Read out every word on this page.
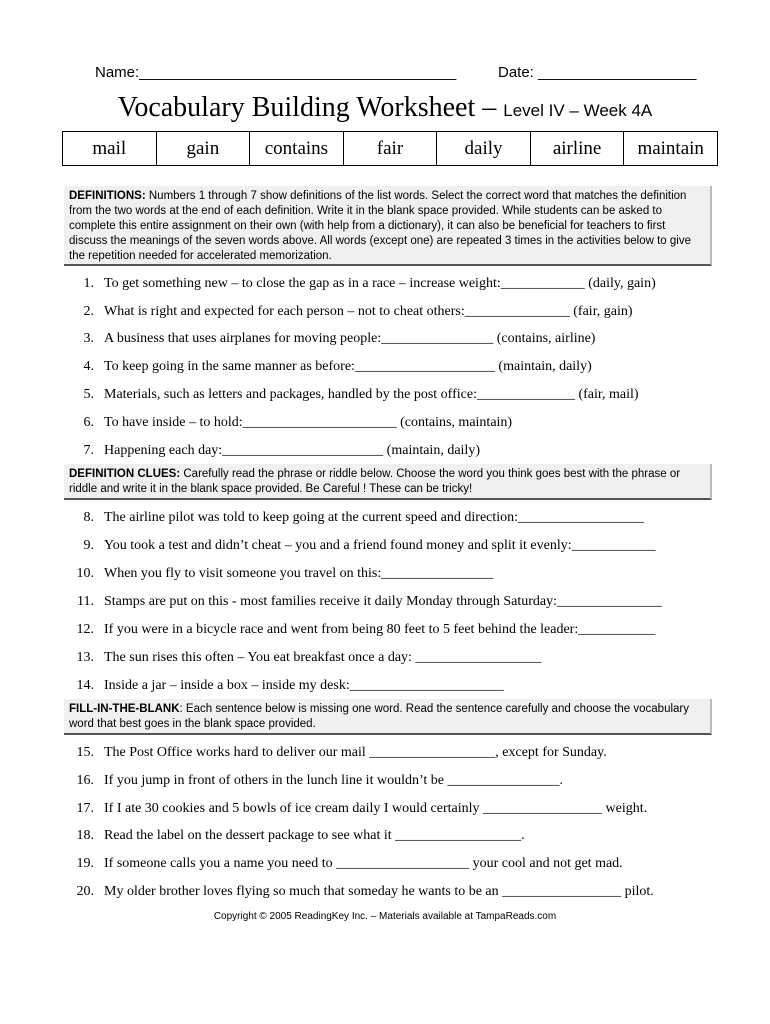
Name:______________________________________	Date: ___________________
Vocabulary Building Worksheet – Level IV – Week 4A
mail	gain	contains	fair	daily	airline	maintain
DEFINITIONS: Numbers 1 through 7 show definitions of the list words. Select the correct word that matches the definition from the two words at the end of each definition. Write it in the blank space provided. While students can be asked to complete this entire assignment on their own (with help from a dictionary), it can also be beneficial for teachers to first discuss the meanings of the seven words above. All words (except one) are repeated 3 times in the activities below to give the repetition needed for accelerated memorization.
1. To get something new – to close the gap as in a race – increase weight:____________ (daily, gain)
2. What is right and expected for each person – not to cheat others:_______________ (fair, gain)
3. A business that uses airplanes for moving people:________________ (contains, airline)
4. To keep going in the same manner as before:____________________ (maintain, daily)
5. Materials, such as letters and packages, handled by the post office:______________ (fair, mail)
6. To have inside – to hold:______________________ (contains, maintain)
7. Happening each day:_______________________ (maintain, daily)
DEFINITION CLUES: Carefully read the phrase or riddle below. Choose the word you think goes best with the phrase or riddle and write it in the blank space provided. Be Careful ! These can be tricky!
8. The airline pilot was told to keep going at the current speed and direction:__________________
9. You took a test and didn’t cheat – you and a friend found money and split it evenly:____________
10. When you fly to visit someone you travel on this:________________
11. Stamps are put on this - most families receive it daily Monday through Saturday:_______________
12. If you were in a bicycle race and went from being 80 feet to 5 feet behind the leader:___________
13. The sun rises this often – You eat breakfast once a day: __________________
14. Inside a jar – inside a box – inside my desk:______________________
FILL-IN-THE-BLANK: Each sentence below is missing one word. Read the sentence carefully and choose the vocabulary word that best goes in the blank space provided.
15. The Post Office works hard to deliver our mail __________________, except for Sunday.
16. If you jump in front of others in the lunch line it wouldn’t be ________________.
17. If I ate 30 cookies and 5 bowls of ice cream daily I would certainly _________________ weight.
18. Read the label on the dessert package to see what it __________________.
19. If someone calls you a name you need to ___________________ your cool and not get mad.
20. My older brother loves flying so much that someday he wants to be an _________________ pilot.
Copyright © 2005 ReadingKey Inc. – Materials available at TampaReads.com
